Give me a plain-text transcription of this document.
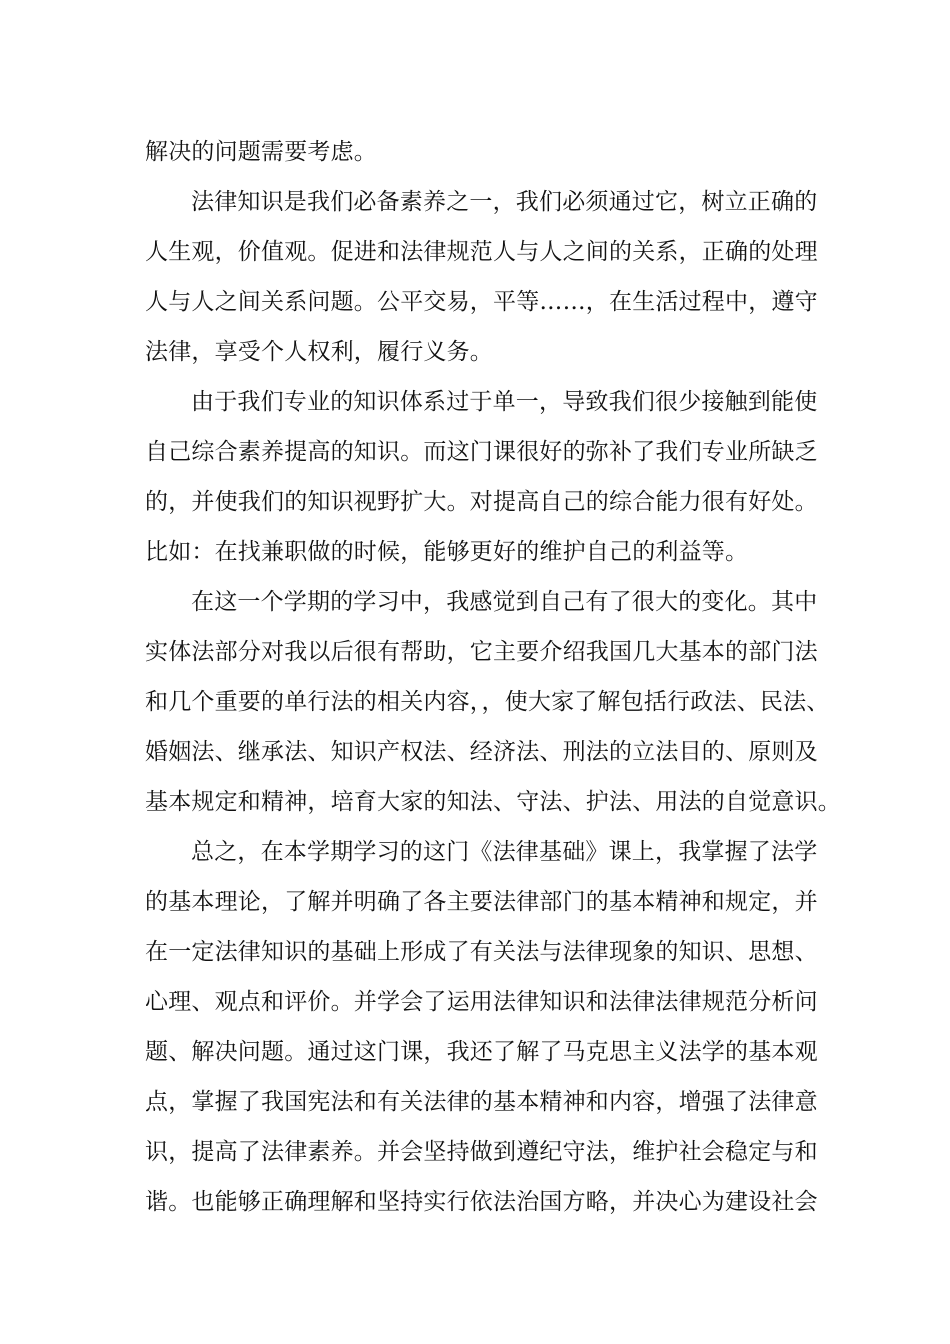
解决的问题需要考虑。
法律知识是我们必备素养之一，我们必须通过它，树立正确的
人生观，价值观。促进和法律规范人与人之间的关系，正确的处理
人与人之间关系问题。公平交易，平等……，在生活过程中，遵守
法律，享受个人权利，履行义务。
由于我们专业的知识体系过于单一，导致我们很少接触到能使
自己综合素养提高的知识。而这门课很好的弥补了我们专业所缺乏
的，并使我们的知识视野扩大。对提高自己的综合能力很有好处。
比如：在找兼职做的时候，能够更好的维护自己的利益等。
在这一个学期的学习中，我感觉到自己有了很大的变化。其中
实体法部分对我以后很有帮助，它主要介绍我国几大基本的部门法
和几个重要的单行法的相关内容，，使大家了解包括行政法、民法、
婚姻法、继承法、知识产权法、经济法、刑法的立法目的、原则及
基本规定和精神，培育大家的知法、守法、护法、用法的自觉意识。
总之，在本学期学习的这门《法律基础》课上，我掌握了法学
的基本理论，了解并明确了各主要法律部门的基本精神和规定，并
在一定法律知识的基础上形成了有关法与法律现象的知识、思想、
心理、观点和评价。并学会了运用法律知识和法律法律规范分析问
题、解决问题。通过这门课，我还了解了马克思主义法学的基本观
点，掌握了我国宪法和有关法律的基本精神和内容，增强了法律意
识，提高了法律素养。并会坚持做到遵纪守法，维护社会稳定与和
谐。也能够正确理解和坚持实行依法治国方略，并决心为建设社会
